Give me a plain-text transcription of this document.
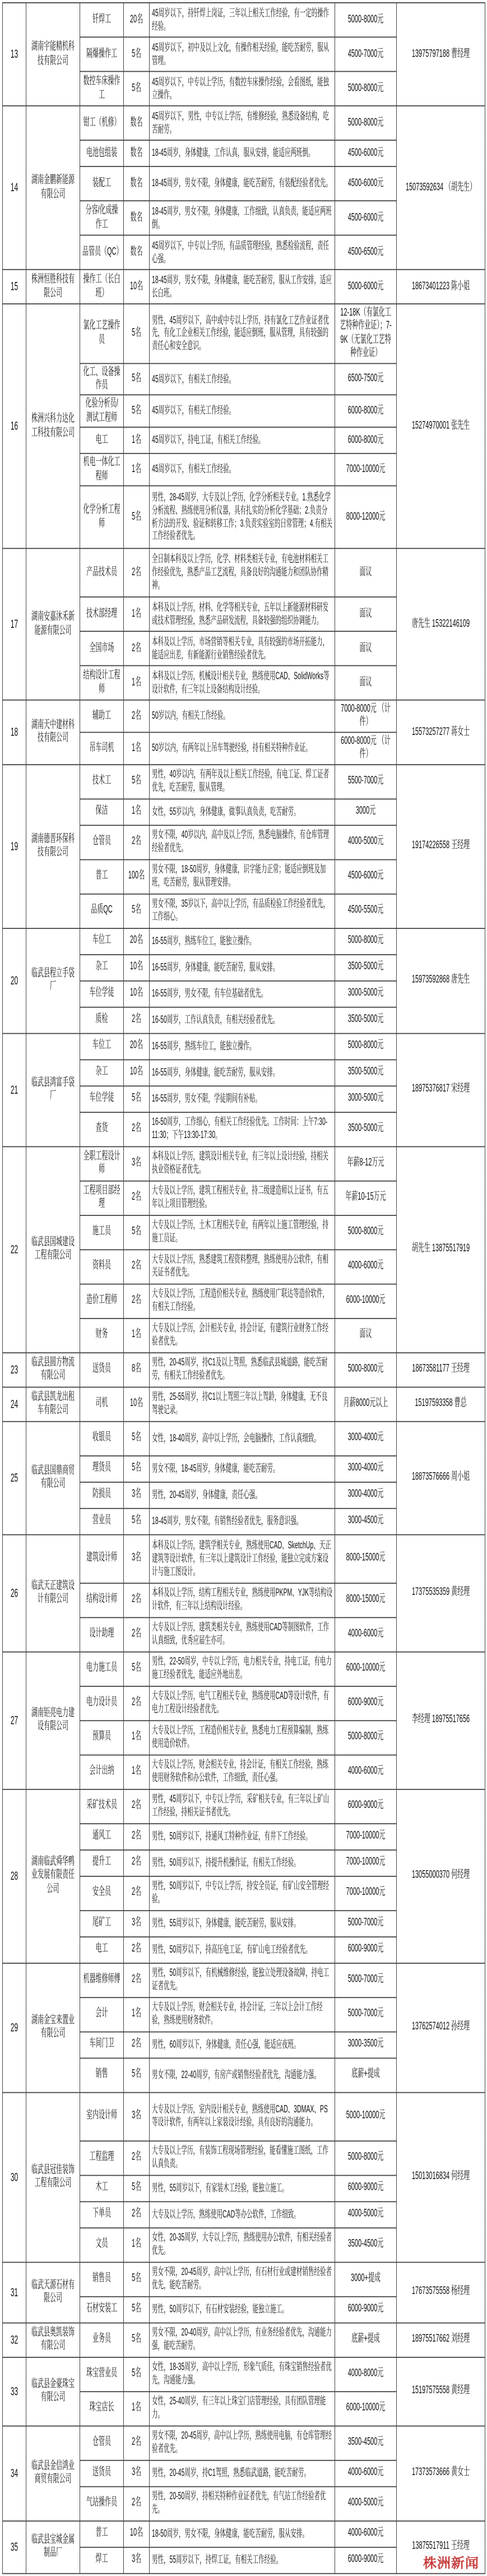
13	湖南宇能精机科技有限公司	钎焊工	20名	45周岁以下，持钎焊上岗证，三年以上相关工作经验，有一定的操作经验。	5000-8000元	13975797188 曹经理
		隔爆操作工	5名	45周岁以下，初中及以上文化，有操作相关经验，能吃苦耐劳，服从管理。	4500-7000元	
		数控车床操作工	5名	45周岁以下，中专以上学历，有数控车床操作经验，会看图纸，能独立操作。	5000-8000元	
14	湖南金鹏新能源有限公司	钳工（机修）	数名	45周岁以下，男性，中专以上学历，有维修经验，熟悉设备结构，吃苦耐劳。	5000-8000元	15073592634 （胡先生）
		电池包组装	数名	18-45周岁，身体健康，工作认真，服从安排，能适应两班倒。	4500-6000元	
		装配工	数名	18-45周岁，男女不限，身体健康，能吃苦耐劳，有装配经验者优先。	4500-6000元	
		分容/化成操作工	数名	18-45周岁，男女不限，身体健康，工作细致，认真负责，能适应两班倒。	4500-6000元	
		品管员（QC）	数名	45周岁以下，中专以上学历，有品质管理经验，熟悉检验流程，责任心强。	4500-6500元	
15	株洲恒胜科技有限公司	操作工（长白班）	10名	18-45周岁，男女不限，身体健康，能吃苦耐劳，服从工作安排，适应长白班。	5000-6000元	18673401223 陈小姐
16	株洲兴科力达化工科技有限公司	氯化工艺操作员	5名	男性，45周岁以下，高中或中专以上学历，持有氯化工艺作业证者优先，有化工企业相关工作经验，能适应倒班，服从管理，具有较强的责任心和安全意识。	12-18K（有氯化工艺特种作业证）；7-9K（无氯化工艺特种作业证）	15274970001 张先生
		化工、设备操作员	5名	45周岁以下，有相关工作经验。	6500-7500元	
		化验分析员/测试工程师	5名	45周岁以下，有相关工作经验。	6000-8000元	
		电工	1名	45周岁以下，持电工证，有相关工作经验。	6000-8000元	
		机电一体化工程师	1名	45周岁以下，有相关工作经验。	7000-10000元	
		化学分析工程师	5名	男性，28-45周岁，大专及以上学历，化学分析相关专业。1.熟悉化学分析流程、熟练使用分析仪器，具有扎实的分析化学基础；2.负责分析方法的开发、验证和转移工作；3.负责实验室的日常管理；4.有相关工作经验者优先。	8000-12000元	
17	湖南安嘉沐禾新能源有限公司	产品技术员	2名	全日制本科及以上学历，化学、材料类相关专业，有电池材料相关工作经验优先，熟悉产品工艺流程，具备良好的沟通能力和团队协作精神。	面议	唐先生 15322146109
		技术部经理	1名	本科及以上学历，材料、化学等相关专业，五年以上新能源材料研发或技术管理经验，熟悉产品研发流程，具备较强的组织协调能力。	面议	
		全国市场	2名	本科及以上学历，市场营销等相关专业，具有较强的市场开拓能力，能适应出差，有新能源行业销售经验者优先。	面议	
		结构设计工程师	1名	本科及以上学历，机械设计相关专业，熟练使用CAD、SolidWorks等设计软件，有三年以上设备结构设计经验。	面议	
18	湖南天中建材科技有限公司	辅助工	2名	50岁以内，有相关工作经验。	7000-8000元 （计件）	15573257277 蒋女士
		吊车司机	1名	50岁以内，有两年以上吊车驾驶经验，持有相关特种作业证。	6000-8000元 （计件）	
19	湖南德晋环保科技有限公司	技术工	5名	男性，40岁以内，有两年及以上相关工作经验，有电工证、焊工证者优先，吃苦耐劳，服从管理。	5500-7000元	19174226558 王经理
		保洁	1名	女性，55岁以内，身体健康，做事认真负责，吃苦耐劳。	3000元	
		仓管员	2名	男女不限，40岁以内，高中及以上学历，熟悉电脑操作，有仓库管理经验者优先。	4000-5000元	
		普工	100名	男女不限，18-50周岁，身体健康，识字能力正常；能适应倒班及加班，吃苦耐劳，服从管理安排。	4500-6000元	
		品质QC	5名	男女不限，35岁以下，高中以上学历，有品质检验工作经验者优先，工作细心。	4500-5500元	
20	临武县程立手袋厂	车位工	20名	16-55周岁，熟练车位工，能独立操作。	5000-8000元	15973592868 唐先生
		杂工	10名	16-55周岁，身体健康，能吃苦耐劳，服从安排。	3500-5000元	
		车位学徒	10名	16-55周岁，男女不限，有车位基础者优先。	3000-5000元	
		质检	2名	16-50周岁，工作认真负责，有相关经验者优先。	3500-5000元	
21	临武县鸿富手袋厂	车位工	20名	16-55周岁，熟练车位工，能独立操作。	5000-8000元	18975376817 宋经理
		杂工	10名	16-55周岁，身体健康，能吃苦耐劳，服从安排。	3500-5000元	
		车位学徒	5名	16-55周岁，男女不限，学徒期间有补贴。	3000-5000元	
		查货	2名	16-50周岁，工作细心，有相关工作经验优先。工作时间：上午7:30-11:30；下午13:30-17:30。	3500-5000元	
22	临武县国城建设工程有限公司	全职工程设计师	3名	本科及以上学历，建筑设计相关专业，有三年以上设计经验，持相关执业资格证者优先。	年薪8-12万元	胡先生 13875517919
		工程项目部经理	2名	大专及以上学历，建筑工程相关专业，持二级建造师以上证书，有五年以上项目管理经验。	年薪10-15万元	
		施工员	5名	大专及以上学历，土木工程相关专业，有两年以上施工管理经验，持施工员证。	5000-8000元	
		资料员	2名	大专及以上学历，熟悉建筑工程资料整理，熟练使用办公软件，有相关证书者优先。	4000-6000元	
		造价工程师	2名	大专及以上学历，工程造价相关专业，熟练使用广联达等造价软件，有相关工作经验。	6000-10000元	
		财务	1名	大专及以上学历，会计相关专业，持会计证，有建筑行业财务工作经验者优先。	面议	
23	临武县圆方物流有限公司	送货员	8名	男性，20-45周岁，持C1及以上驾照，熟悉临武县城道路，能吃苦耐劳，有相关工作经验者优先。	5000-8000元	18673581177 王经理
24	临武县凯龙出租车有限公司	司机	10名	男性，25-55周岁，持C1以上驾照三年以上驾龄，身体健康，无不良驾驶记录。	月薪8000元以上	15197593358 曹总
25	临武县国鼎商贸有限公司	收银员	5名	女性，18-40周岁，高中以上学历，会电脑操作，工作认真细致。	3000-4000元	18873576666 周小姐
		理货员	5名	男女不限，18-45周岁，身体健康，能吃苦耐劳。	3000-4000元	
		防损员	3名	男性，20-45周岁，身体健康，责任心强。	3000-4000元	
		营业员	5名	18-45周岁，男女不限，有销售经验者优先，服务意识强。	3000-4500元	
26	临武天正建筑设计有限公司	建筑设计师	3名	本科及以上学历，建筑学相关专业，熟练使用CAD、SketchUp、天正建筑等设计软件，有三年以上建筑设计工作经验，能独立完成方案设计与施工图设计。	8000-15000元	17375535359 黄经理
		结构设计师	2名	本科及以上学历，结构工程相关专业，熟练使用PKPM、YJK等结构设计软件，有三年以上结构设计经验。	8000-15000元	
		设计助理	2名	大专及以上学历，建筑类相关专业，熟练使用CAD等制图软件，工作认真细致，优秀应届生亦可。	4000-6000元	
27	湖南钜亮电力建设有限公司	电力施工员	5名	男性，22-50周岁，中专以上学历，电力相关专业，持电工证，有电力施工经验者优先，能适应外地出差。	6000-10000元	李经理 18975517656
		电力设计员	2名	大专及以上学历，电气工程相关专业，熟练使用CAD等设计软件，有电力工程设计经验者优先。	6000-9000元	
		预算员	1名	大专及以上学历，工程造价相关专业，熟悉电力工程预算编制，熟练使用造价软件。	5000-8000元	
		会计出纳	1名	大专及以上学历，财会相关专业，持会计证，有相关工作经验，熟练使用财务软件和办公软件，工作细致，责任心强。	4000-6000元	
28	湖南临武舜华鸭业发展有限责任公司	采矿技术员	2名	男性，45周岁以下，中专以上学历，采矿相关专业，有三年以上矿山工作经验，持相关证书者优先。	6000-9000元	13055000370 何经理
		通风工	2名	男性，50周岁以下，持通风工特种作业证，有井下工作经验。	7000-10000元	
		提升工	2名	男性，50周岁以下，持提升机操作证，有相关工作经验。	7000-10000元	
		安全员	2名	男性，50周岁以下，中专以上学历，持安全员证，有矿山安全管理经验。	7000-10000元	
		尾矿工	3名	男性，55周岁以下，身体健康，能吃苦耐劳，服从安排。	5000-7000元	
		电工	2名	男性，50周岁以下，持高压电工证，有矿山电工经验者优先。	6000-9000元	
29	湖南金宝来置业有限公司	机器维修师傅	2名	男性，50周岁以下，有机械维修经验，能独立处理设备故障，持电工证者优先。	5000-7000元	13762574012 孙经理
		会计	1名	大专及以上学历，财会相关专业，持会计证，三年以上会计工作经验，熟练使用财务软件。	5000-7000元	
		车间门卫	2名	男性，60周岁以下，身体健康，责任心强，能适应夜班。	3000-3500元	
		销售	5名	男女不限，22-40周岁，有房产或销售经验者优先，沟通能力强。	底薪+提成	
30	临武县冠佳装饰工程有限公司	室内设计师	3名	大专及以上学历，室内设计相关专业，熟练使用CAD、3DMAX、PS等设计软件，有两年以上家装设计经验，具有良好的沟通能力。	5000-10000元	15013016834 何经理
		工程监理	2名	大专及以上学历，有装饰工程现场管理经验，能看懂施工图纸，工作认真负责。	5000-8000元	
		木工	5名	男性，55周岁以下，有家装木工经验，能独立施工。	6000-9000元	
		下单员	2名	大专及以上学历，熟练使用CAD等办公软件，工作细致。	4000-5000元	
		文员	1名	女性，20-35周岁，大专以上学历，熟练使用办公软件，有相关经验者优先。	3500-4500元	
31	临武天源石材有限公司	销售员	5名	男女不限，20-45周岁，高中以上学历，有石材行业或建材销售经验者优先，能吃苦耐劳。	3000+提成	17673575558 杨经理
		石材安装工	5名	男性，50周岁以下，有石材安装经验，能独立施工。	6000-9000元	
32	临武县奥凯装饰有限公司	业务员	5名	男女不限，20-40周岁，高中以上学历，有业务经验者优先，沟通能力强，能吃苦耐劳。	底薪+提成	18975517662 刘经理
33	临武县金豪珠宝有限公司	珠宝营业员	5名	女性，18-35周岁，高中以上学历，形象气质佳，有珠宝销售经验者优先，沟通能力强。	4000-8000元	15197575558 黄经理
		珠宝店长	1名	女性，25-40周岁，有三年以上珠宝门店管理经验，具有团队管理能力。	6000-10000元	
34	临武县金信鸿业商贸有限公司	仓管员	2名	男女不限，20-45周岁，高中以上学历，熟练使用电脑，有仓库管理经验者优先。	3500-4500元	17373573666 黄女士
		送货员	3名	男性，20-45周岁，持C1驾照，熟悉临武道路，能吃苦耐劳。	4000-6000元	
		气站操作员	2名	男性，20-50周岁，持相关特种作业证者优先，有气站工作经验者优先。	4000-5000元	
35	临武县宝城金属制品厂	普工	10名	18-50周岁，男女不限，身体健康，能吃苦耐劳，服从安排。	4000-6000元	13875517911 王经理
		焊工	3名	男性，55周岁以下，持焊工证，有相关工作经验。	6000-9000元		株洲新闻
